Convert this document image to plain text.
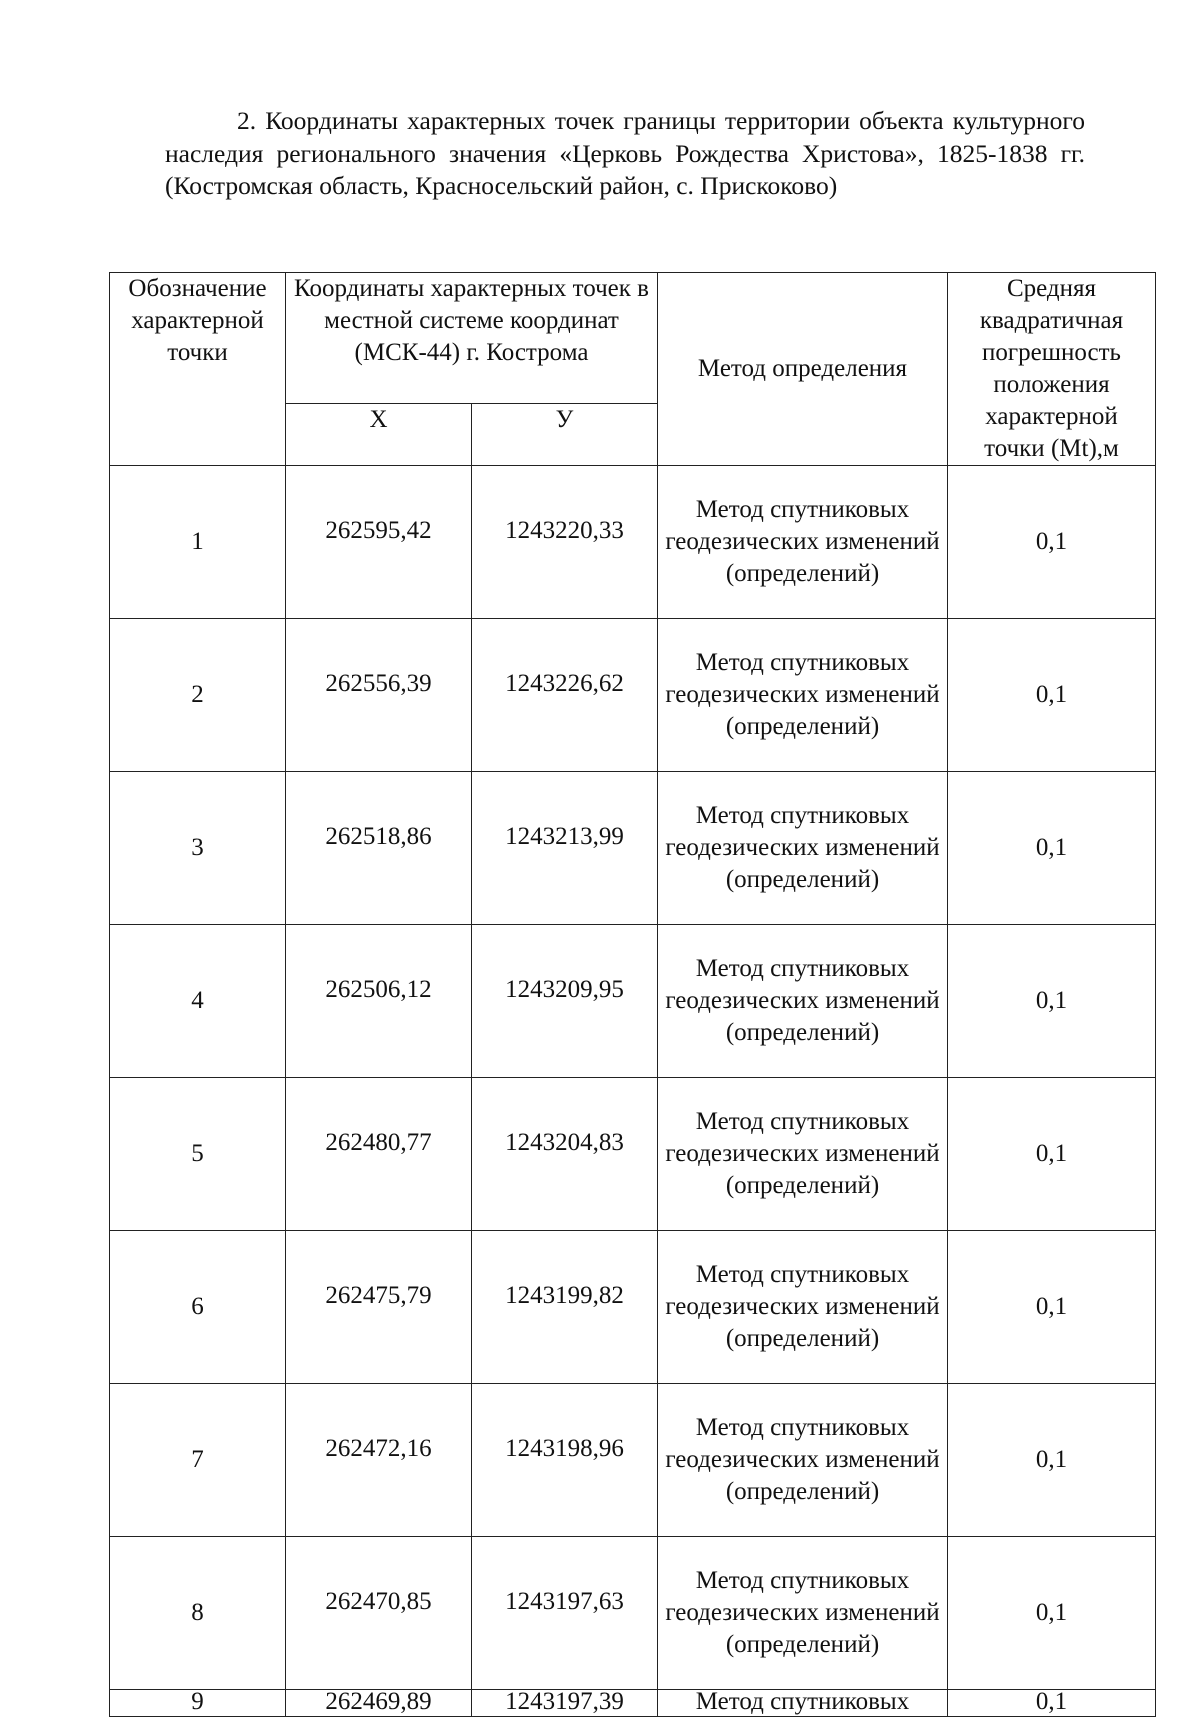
2. Координаты характерных точек границы территории объекта культурного наследия регионального значения «Церковь Рождества Христова», 1825-1838 гг. (Костромская область, Красносельский район, с. Прискоково)

Обозначение характерной точки	Координаты характерных точек в местной системе координат (МСК-44) г. Кострома		Метод определения	Средняя квадратичная погрешность положения характерной точки (Mt),м
	Х	У		
1	262595,42	1243220,33	Метод спутниковых геодезических изменений (определений)	0,1
2	262556,39	1243226,62	Метод спутниковых геодезических изменений (определений)	0,1
3	262518,86	1243213,99	Метод спутниковых геодезических изменений (определений)	0,1
4	262506,12	1243209,95	Метод спутниковых геодезических изменений (определений)	0,1
5	262480,77	1243204,83	Метод спутниковых геодезических изменений (определений)	0,1
6	262475,79	1243199,82	Метод спутниковых геодезических изменений (определений)	0,1
7	262472,16	1243198,96	Метод спутниковых геодезических изменений (определений)	0,1
8	262470,85	1243197,63	Метод спутниковых геодезических изменений (определений)	0,1
9	262469,89	1243197,39	Метод спутниковых	0,1
